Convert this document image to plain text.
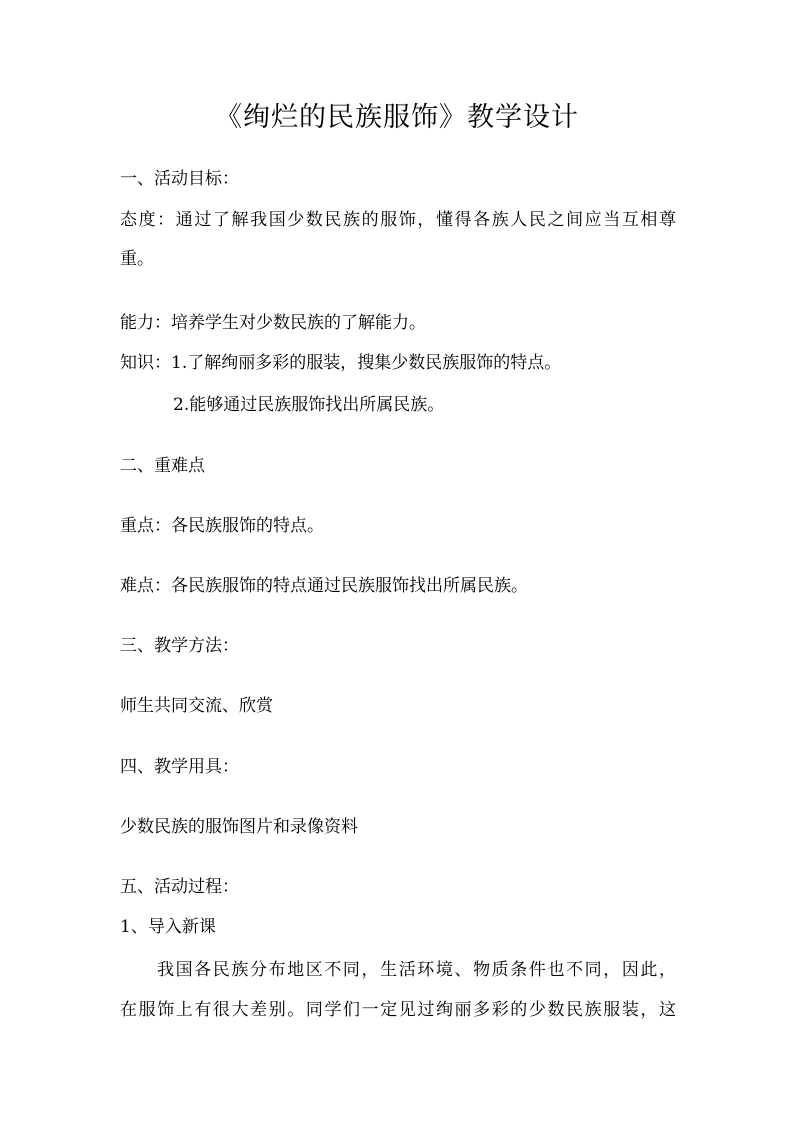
《绚烂的民族服饰》教学设计
一、活动目标：
态度：通过了解我国少数民族的服饰，懂得各族人民之间应当互相尊
重。
能力：培养学生对少数民族的了解能力。
知识：1.了解绚丽多彩的服装，搜集少数民族服饰的特点。
2.能够通过民族服饰找出所属民族。
二、重难点
重点：各民族服饰的特点。
难点：各民族服饰的特点通过民族服饰找出所属民族。
三、教学方法：
师生共同交流、欣赏
四、教学用具：
少数民族的服饰图片和录像资料
五、活动过程：
1、导入新课
我国各民族分布地区不同，生活环境、物质条件也不同，因此，
在服饰上有很大差别。同学们一定见过绚丽多彩的少数民族服装，这
